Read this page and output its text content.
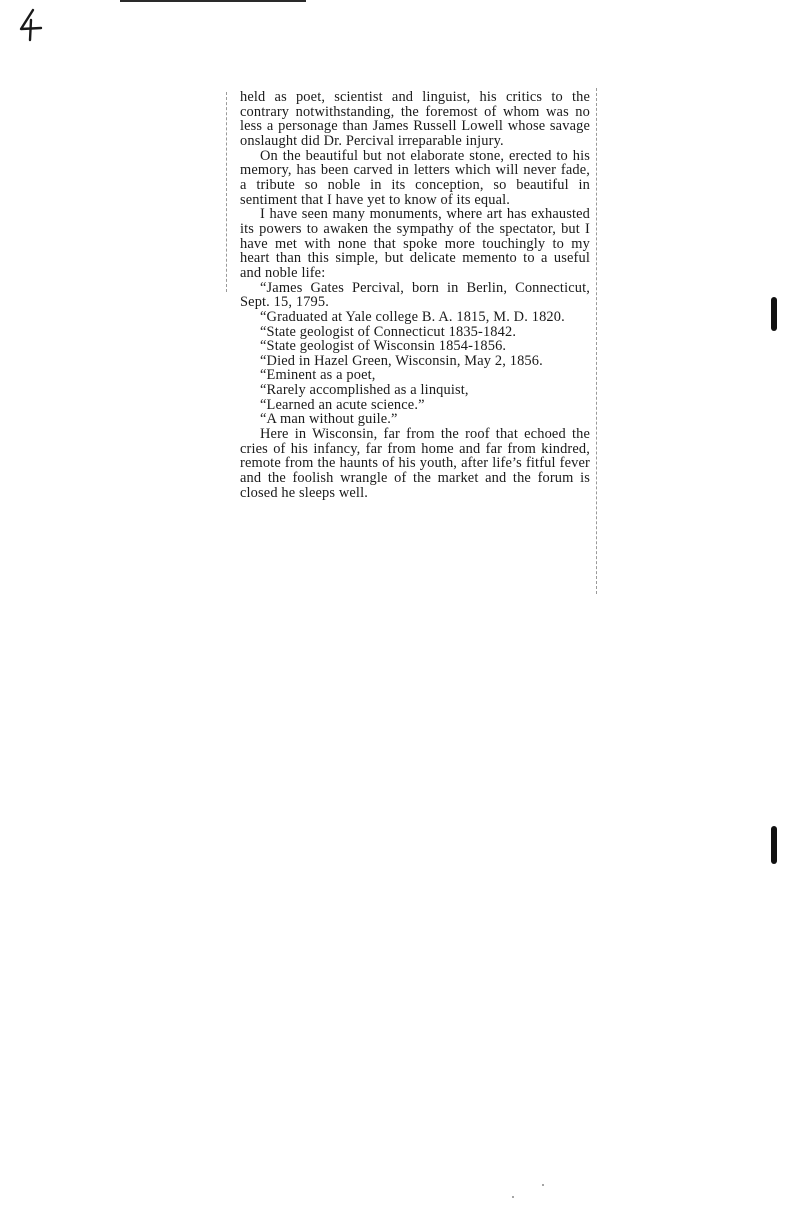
held as poet, scientist and linguist, his critics to the contrary notwithstanding, the foremost of whom was no less a personage than James Russell Lowell whose savage onslaught did Dr. Percival irreparable injury.

On the beautiful but not elaborate stone, erected to his memory, has been carved in letters which will never fade, a tribute so noble in its conception, so beautiful in sentiment that I have yet to know of its equal.

I have seen many monuments, where art has exhausted its powers to awaken the sympathy of the spectator, but I have met with none that spoke more touchingly to my heart than this simple, but delicate memento to a useful and noble life:

“James Gates Percival, born in Berlin, Connecticut, Sept. 15, 1795.

“Graduated at Yale college B. A. 1815, M. D. 1820.

“State geologist of Connecticut 1835-1842.

“State geologist of Wisconsin 1854-1856.

“Died in Hazel Green, Wisconsin, May 2, 1856.

“Eminent as a poet,

“Rarely accomplished as a linquist,

“Learned an acute science.”

“A man without guile.”

Here in Wisconsin, far from the roof that echoed the cries of his infancy, far from home and far from kindred, remote from the haunts of his youth, after life’s fitful fever and the foolish wrangle of the market and the forum is closed he sleeps well.
